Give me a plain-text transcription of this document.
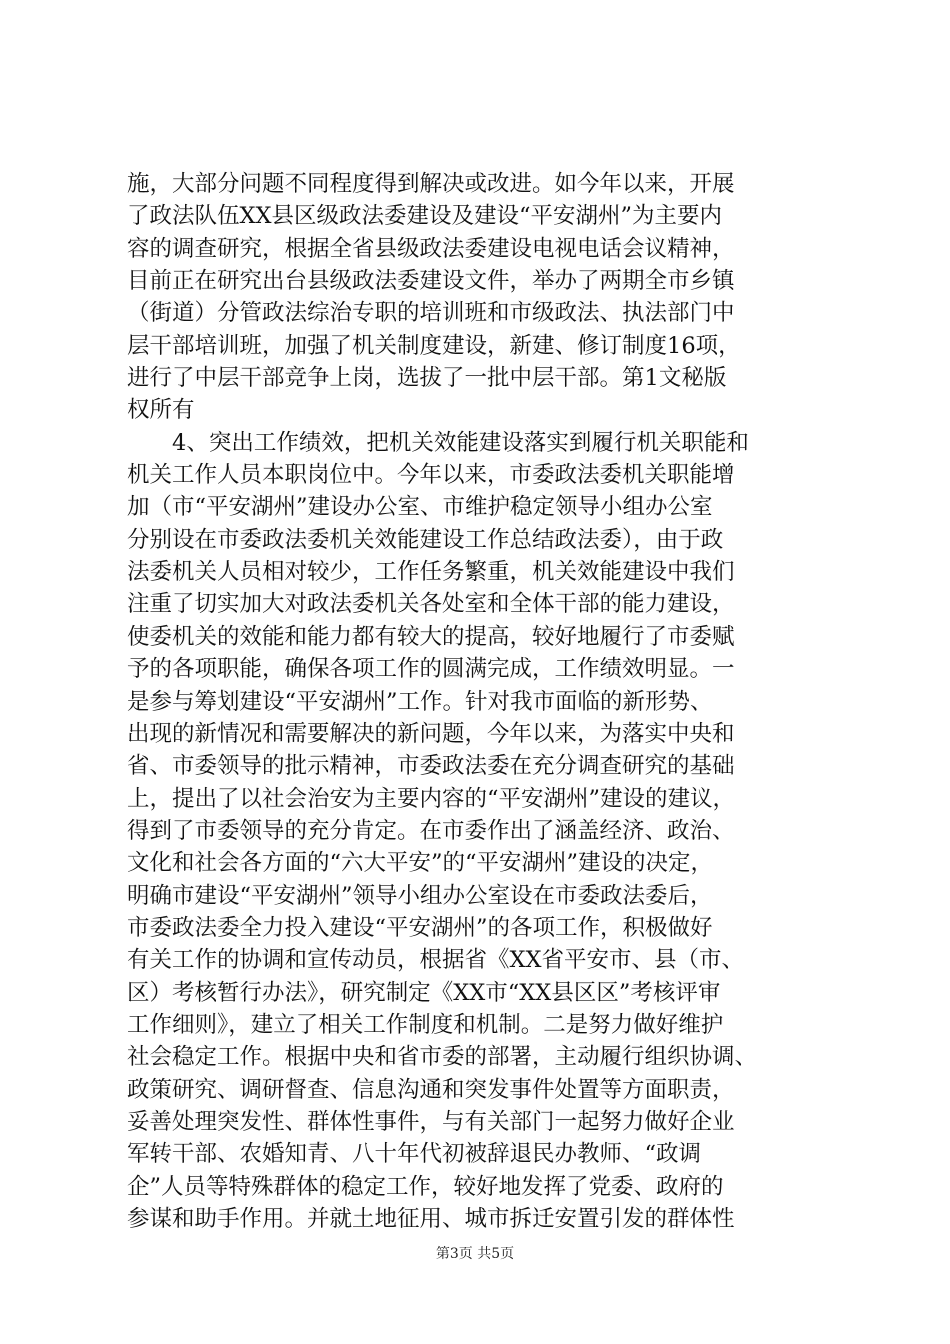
施，大部分问题不同程度得到解决或改进。如今年以来，开展
了政法队伍XX县区级政法委建设及建设“平安湖州”为主要内
容的调查研究，根据全省县级政法委建设电视电话会议精神，
目前正在研究出台县级政法委建设文件，举办了两期全市乡镇
（街道）分管政法综治专职的培训班和市级政法、执法部门中
层干部培训班，加强了机关制度建设，新建、修订制度16项，
进行了中层干部竞争上岗，选拔了一批中层干部。第1文秘版
权所有
　　4、突出工作绩效，把机关效能建设落实到履行机关职能和
机关工作人员本职岗位中。今年以来，市委政法委机关职能增
加（市“平安湖州”建设办公室、市维护稳定领导小组办公室
分别设在市委政法委机关效能建设工作总结政法委），由于政
法委机关人员相对较少，工作任务繁重，机关效能建设中我们
注重了切实加大对政法委机关各处室和全体干部的能力建设，
使委机关的效能和能力都有较大的提高，较好地履行了市委赋
予的各项职能，确保各项工作的圆满完成，工作绩效明显。一
是参与筹划建设“平安湖州”工作。针对我市面临的新形势、
出现的新情况和需要解决的新问题，今年以来，为落实中央和
省、市委领导的批示精神，市委政法委在充分调查研究的基础
上，提出了以社会治安为主要内容的“平安湖州”建设的建议，
得到了市委领导的充分肯定。在市委作出了涵盖经济、政治、
文化和社会各方面的“六大平安”的“平安湖州”建设的决定，
明确市建设“平安湖州”领导小组办公室设在市委政法委后，
市委政法委全力投入建设“平安湖州”的各项工作，积极做好
有关工作的协调和宣传动员，根据省《XX省平安市、县（市、
区）考核暂行办法》，研究制定《XX市“XX县区区”考核评审
工作细则》，建立了相关工作制度和机制。二是努力做好维护
社会稳定工作。根据中央和省市委的部署，主动履行组织协调、
政策研究、调研督查、信息沟通和突发事件处置等方面职责，
妥善处理突发性、群体性事件，与有关部门一起努力做好企业
军转干部、农婚知青、八十年代初被辞退民办教师、“政调
企”人员等特殊群体的稳定工作，较好地发挥了党委、政府的
参谋和助手作用。并就土地征用、城市拆迁安置引发的群体性
第3页 共5页
